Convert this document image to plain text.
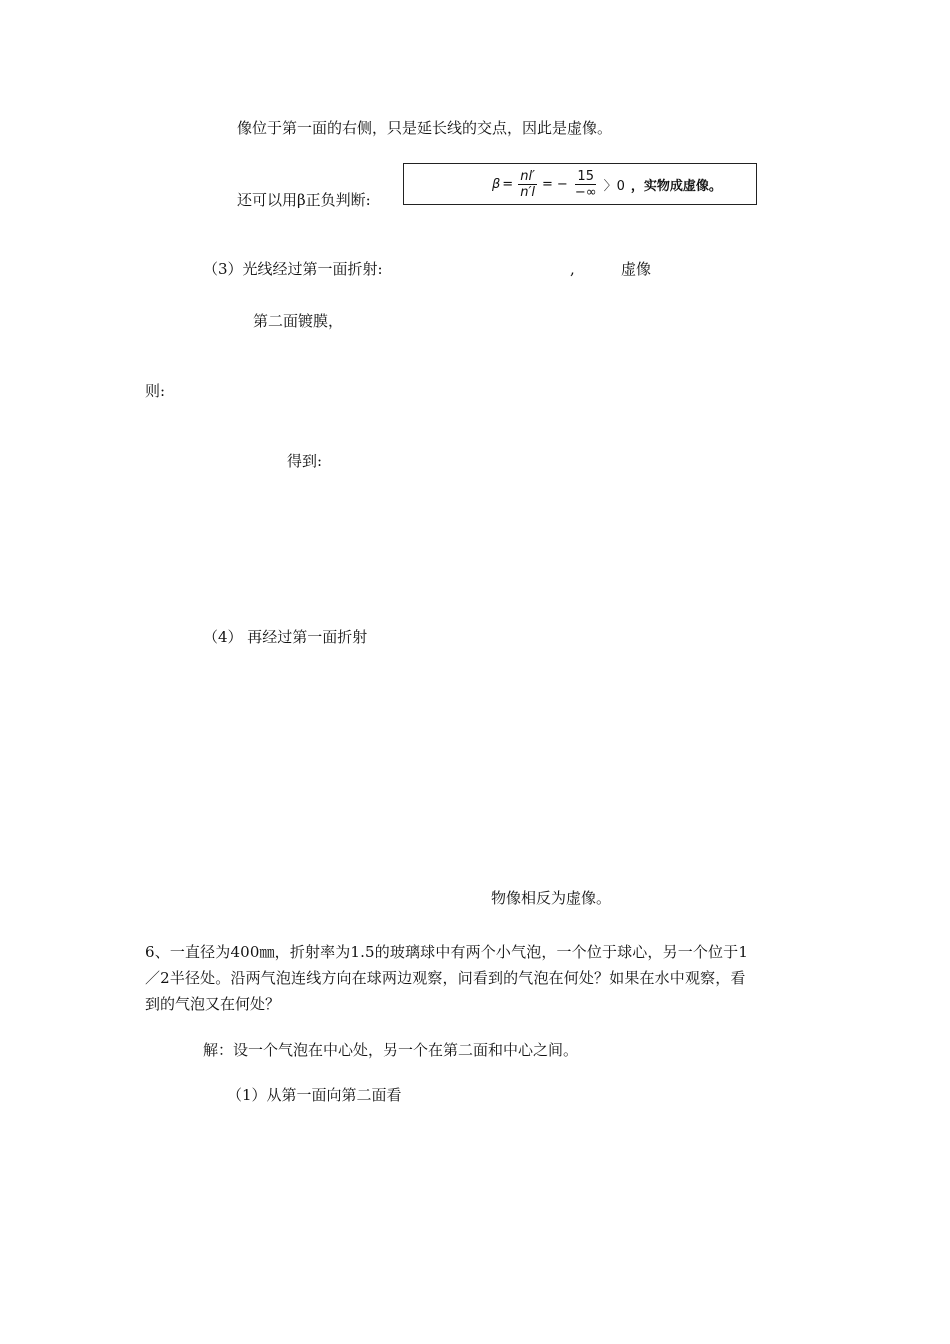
像位于第一面的右侧，只是延长线的交点，因此是虚像。
还可以用β正负判断:
$\beta = \frac{nl'}{n'l}$ = − $\frac{15}{-\infty}$ 〉0 ，实物成虚像。
（3）光线经过第一面折射:	,	虚像
第二面镀膜，
则:
得到:
（4） 再经过第一面折射
物像相反为虚像。
6、一直径为400㎜，折射率为1.5的玻璃球中有两个小气泡，一个位于球心，另一个位于1
／2半径处。沿两气泡连线方向在球两边观察，问看到的气泡在何处？如果在水中观察，看
到的气泡又在何处？
解：设一个气泡在中心处，另一个在第二面和中心之间。
（1）从第一面向第二面看
